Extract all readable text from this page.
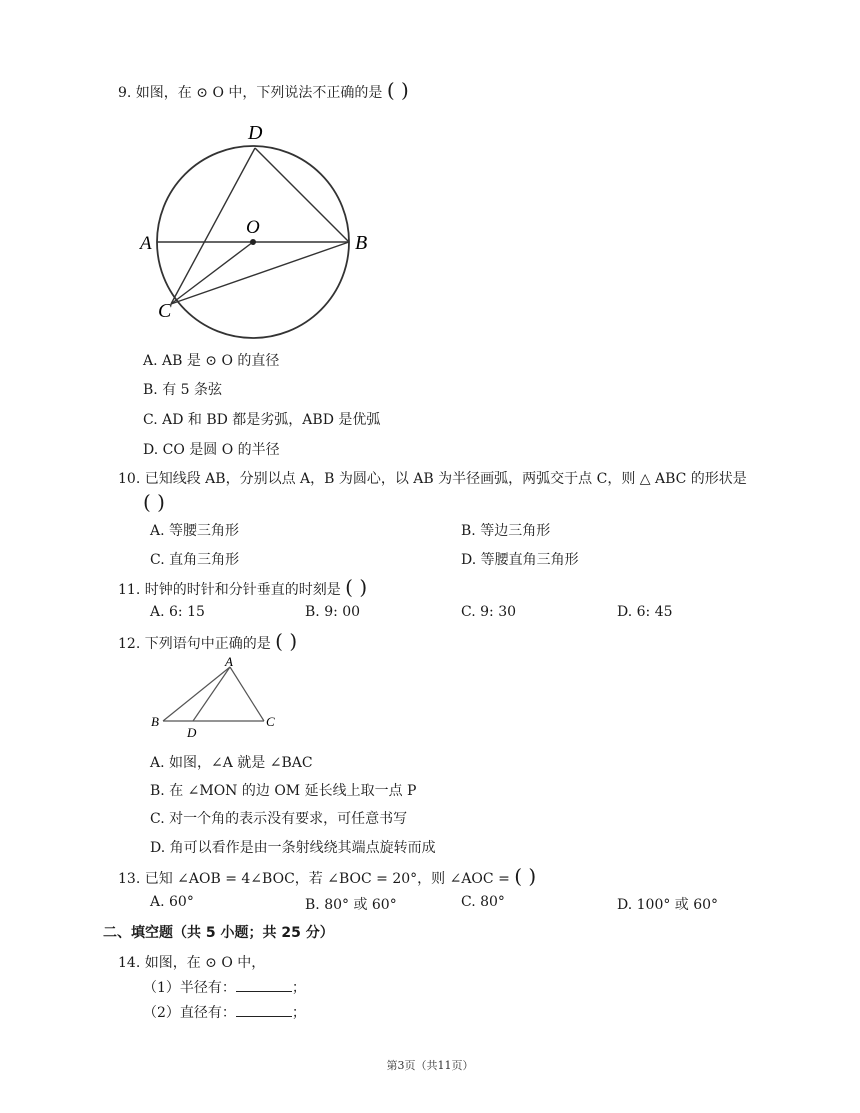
9. 如图，在 ⊙ O 中，下列说法不正确的是 ( )
D
O
A	B
C
A. AB 是 ⊙ O 的直径
B. 有 5 条弦
C. AD 和 BD 都是劣弧，ABD 是优弧
D. CO 是圆 O 的半径
10. 已知线段 AB，分别以点 A，B 为圆心，以 AB 为半径画弧，两弧交于点 C，则 △ ABC 的形状是
( )
A. 等腰三角形	B. 等边三角形
C. 直角三角形	D. 等腰直角三角形
11. 时钟的时针和分针垂直的时刻是 ( )
A. 6: 15	B. 9: 00	C. 9: 30	D. 6: 45
12. 下列语句中正确的是 ( )
A
B	C
D
A. 如图，∠A 就是 ∠BAC
B. 在 ∠MON 的边 OM 延长线上取一点 P
C. 对一个角的表示没有要求，可任意书写
D. 角可以看作是由一条射线绕其端点旋转而成
13. 已知 ∠AOB = 4∠BOC，若 ∠BOC = 20°，则 ∠AOC = ( )
A. 60°	B. 80° 或 60°	C. 80°	D. 100° 或 60°
二、填空题（共 5 小题；共 25 分）
14. 如图，在 ⊙ O 中，
（1）半径有：	；
（2）直径有：	；
第3页（共11页）
